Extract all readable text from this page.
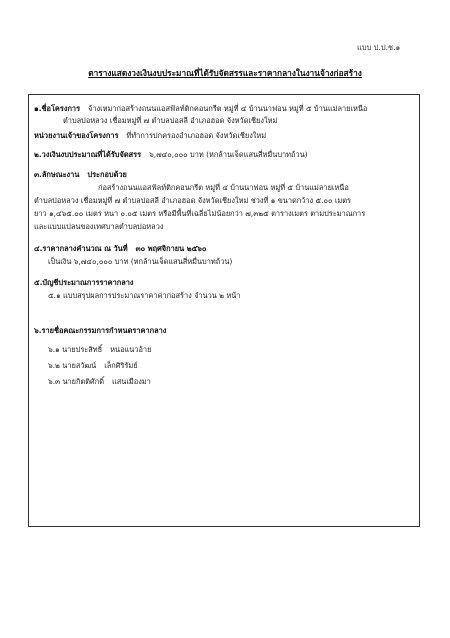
แบบ ป.ป.ช.๑
ตารางแสดงวงเงินงบประมาณที่ได้รับจัดสรรและราคากลางในงานจ้างก่อสร้าง
๑.ชื่อโครงการ จ้างเหมาก่อสร้างถนนแอสฟัลท์ติกคอนกรีต หมู่ที่ ๔ บ้านนาฟอน หมู่ที่ ๕ บ้านแม่ลายเหนือ
ตำบลบ่อหลวง เชื่อมหมู่ที่ ๗ ตำบลบ่อสลี อำเภอฮอด จังหวัดเชียงใหม่
หน่วยงานเจ้าของโครงการ ที่ทำการปกครองอำเภอฮอด จังหวัดเชียงใหม่
๒.วงเงินงบประมาณที่ได้รับจัดสรร ๖,๗๔๐,๐๐๐ บาท (หกล้านเจ็ดแสนสี่หมื่นบาทถ้วน)
๓.ลักษณะงาน ประกอบด้วย
ก่อสร้างถนนแอสฟัลท์ติกคอนกรีต หมู่ที่ ๔ บ้านนาฟอน หมู่ที่ ๕ บ้านแม่ลายเหนือ
ตำบลบ่อหลวง เชื่อมหมู่ที่ ๗ ตำบลบ่อสลี อำเภอฮอด จังหวัดเชียงใหม่ ช่วงที่ ๑ ขนาดกว้าง ๕.๐๐ เมตร
ยาว ๑,๔๖๕.๐๐ เมตร หนา ๐.๐๕ เมตร หรือมีพื้นที่เฉลี่ยไม่น้อยกว่า ๗,๓๒๕ ตารางเมตร ตามประมาณการ
และแบบแปลนของเทศบาลตำบลบ่อหลวง
๔.ราคากลางคำนวณ ณ วันที่ ๓๐ พฤศจิกายน ๒๕๖๐
เป็นเงิน ๖,๗๔๐,๐๐๐ บาท (หกล้านเจ็ดแสนสี่หมื่นบาทถ้วน)
๕.บัญชีประมาณการราคากลาง
๕.๑ แบบสรุปผลการประมาณราคาค่าก่อสร้าง จำนวน ๒ หน้า
๖.รายชื่อคณะกรรมการกำหนดราคากลาง
๖.๑ นายประสิทธิ์ หน่อแนวอ้าย
๖.๒ นายสวัฒน์ เล็กศิริรัมย์
๖.๓ นายกิตติศักดิ์ แสนเมืองมา
